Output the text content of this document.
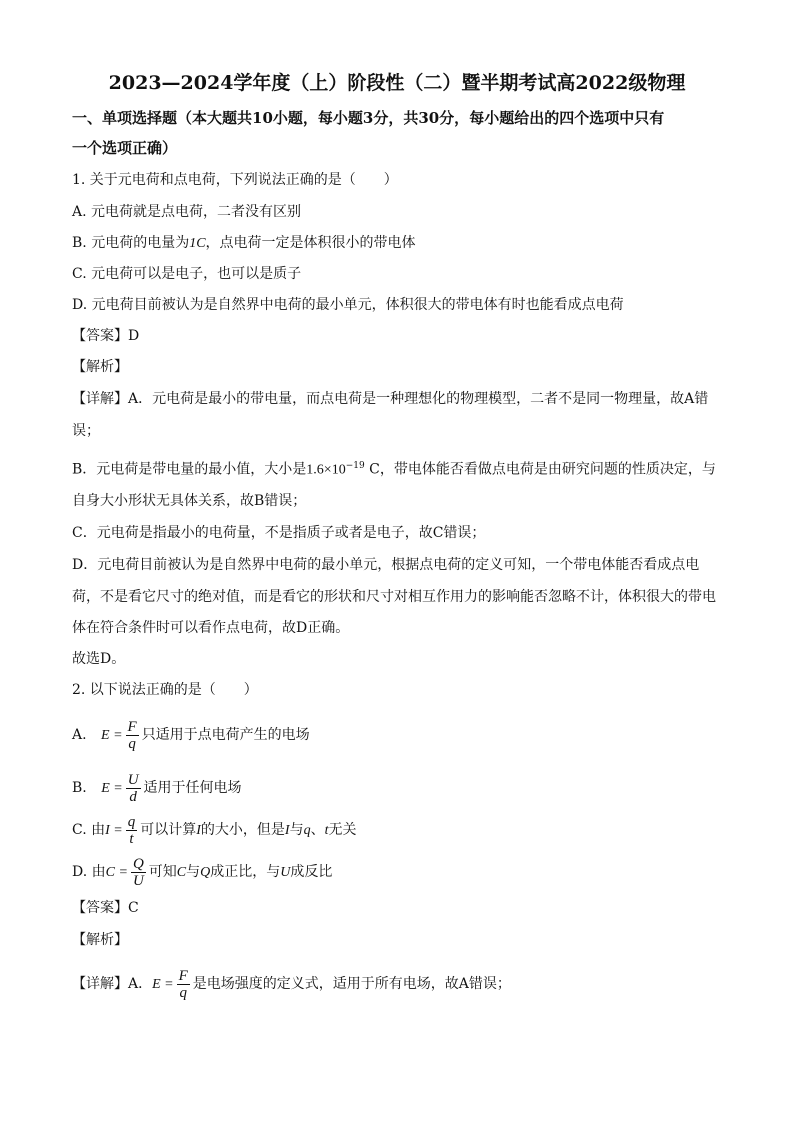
2023—2024学年度（上）阶段性（二）暨半期考试高2022级物理
一、单项选择题（本大题共10小题，每小题3分，共30分，每小题给出的四个选项中只有
一个选项正确）
1. 关于元电荷和点电荷，下列说法正确的是（　　）
A. 元电荷就是点电荷，二者没有区别
B. 元电荷的电量为1C，点电荷一定是体积很小的带电体
C. 元电荷可以是电子，也可以是质子
D. 元电荷目前被认为是自然界中电荷的最小单元，体积很大的带电体有时也能看成点电荷
【答案】D
【解析】
【详解】A．元电荷是最小的带电量，而点电荷是一种理想化的物理模型，二者不是同一物理量，故A错
误；
B．元电荷是带电量的最小值，大小是$1.6\times 10^{-19}$ C，带电体能否看做点电荷是由研究问题的性质决定，与
自身大小形状无具体关系，故B错误；
C．元电荷是指最小的电荷量，不是指质子或者是电子，故C错误；
D．元电荷目前被认为是自然界中电荷的最小单元，根据点电荷的定义可知，一个带电体能否看成点电
荷，不是看它尺寸的绝对值，而是看它的形状和尺寸对相互作用力的影响能否忽略不计，体积很大的带电
体在符合条件时可以看作点电荷，故D正确。
故选D。
2. 以下说法正确的是（　　）
A. $E = \frac{F}{q}$ 只适用于点电荷产生的电场
B. $E = \frac{U}{d}$ 适用于任何电场
C. 由$I = \frac{q}{t}$ 可以计算I的大小，但是I与q、t无关
D. 由$C = \frac{Q}{U}$ 可知C与Q成正比，与U成反比
【答案】C
【解析】
【详解】A．$E = \frac{F}{q}$ 是电场强度的定义式，适用于所有电场，故A错误；
